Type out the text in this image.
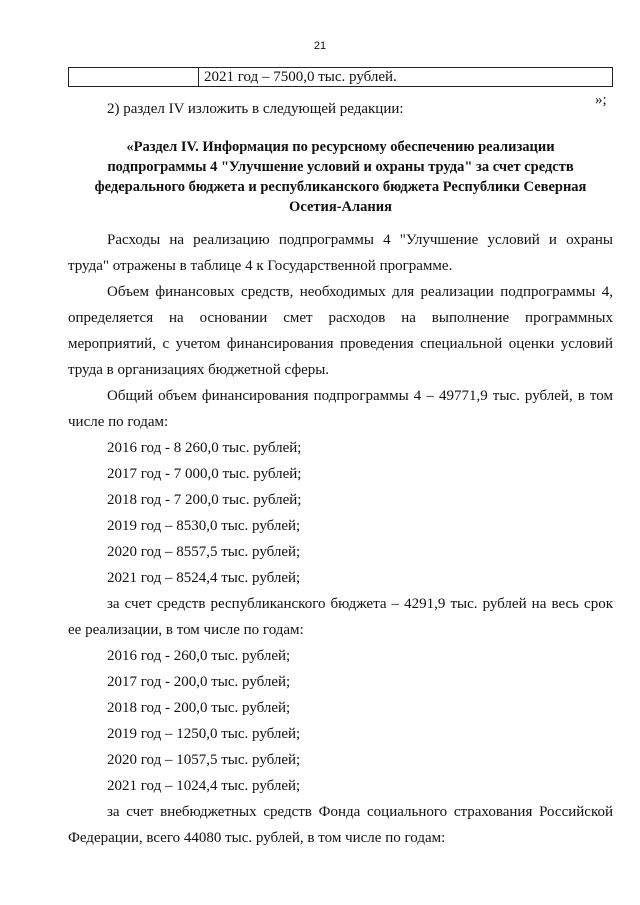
21
	2021 год – 7500,0 тыс. рублей.
2) раздел IV изложить в следующей редакции:
»;
«Раздел IV. Информация по ресурсному обеспечению реализации
подпрограммы 4 "Улучшение условий и охраны труда" за счет средств
федерального бюджета и республиканского бюджета Республики Северная
Осетия-Алания
Расходы на реализацию подпрограммы 4 "Улучшение условий и охраны
труда" отражены в таблице 4 к Государственной программе.
Объем финансовых средств, необходимых для реализации подпрограммы 4,
определяется на основании смет расходов на выполнение программных
мероприятий, с учетом финансирования проведения специальной оценки условий
труда в организациях бюджетной сферы.
Общий объем финансирования подпрограммы 4 – 49771,9 тыс. рублей, в том
числе по годам:
2016 год - 8 260,0 тыс. рублей;
2017 год - 7 000,0 тыс. рублей;
2018 год - 7 200,0 тыс. рублей;
2019 год – 8530,0 тыс. рублей;
2020 год – 8557,5 тыс. рублей;
2021 год – 8524,4 тыс. рублей;
за счет средств республиканского бюджета – 4291,9 тыс. рублей на весь срок
ее реализации, в том числе по годам:
2016 год - 260,0 тыс. рублей;
2017 год - 200,0 тыс. рублей;
2018 год - 200,0 тыс. рублей;
2019 год – 1250,0 тыс. рублей;
2020 год – 1057,5 тыс. рублей;
2021 год – 1024,4 тыс. рублей;
за счет внебюджетных средств Фонда социального страхования Российской
Федерации, всего 44080 тыс. рублей, в том числе по годам:
